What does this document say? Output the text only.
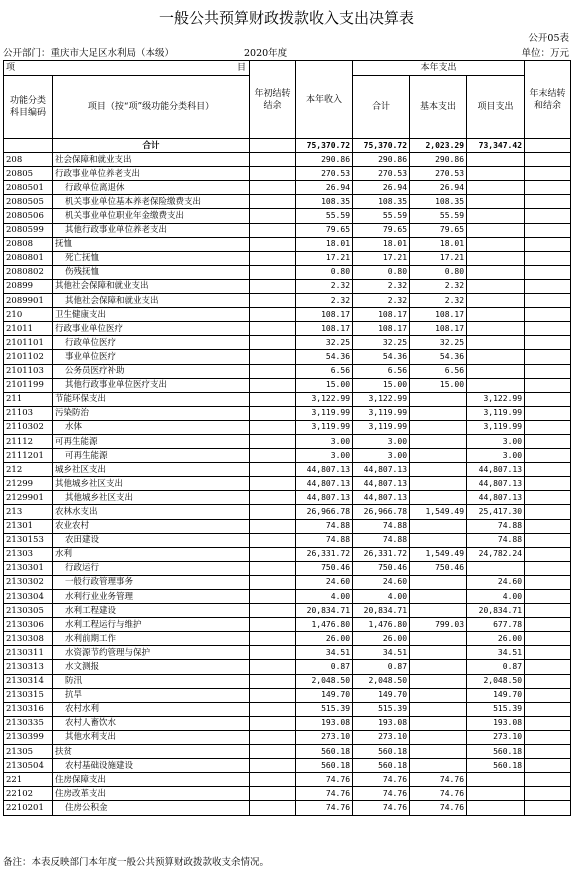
一般公共预算财政拨款收入支出决算表
公开05表
公开部门：重庆市大足区水利局（本级）	2020年度	单位：万元
项 目		年初结转结余	本年收入	本年支出			年末结转和结余
功能分类科目编码	项目（按“项”级功能分类科目）			合计	基本支出	项目支出	
	合计		75,370.72	75,370.72	2,023.29	73,347.42	
208	社会保障和就业支出		290.86	290.86	290.86		
20805	行政事业单位养老支出		270.53	270.53	270.53		
2080501	行政单位离退休		26.94	26.94	26.94		
2080505	机关事业单位基本养老保险缴费支出		108.35	108.35	108.35		
2080506	机关事业单位职业年金缴费支出		55.59	55.59	55.59		
2080599	其他行政事业单位养老支出		79.65	79.65	79.65		
20808	抚恤		18.01	18.01	18.01		
2080801	死亡抚恤		17.21	17.21	17.21		
2080802	伤残抚恤		0.80	0.80	0.80		
20899	其他社会保障和就业支出		2.32	2.32	2.32		
2089901	其他社会保障和就业支出		2.32	2.32	2.32		
210	卫生健康支出		108.17	108.17	108.17		
21011	行政事业单位医疗		108.17	108.17	108.17		
2101101	行政单位医疗		32.25	32.25	32.25		
2101102	事业单位医疗		54.36	54.36	54.36		
2101103	公务员医疗补助		6.56	6.56	6.56		
2101199	其他行政事业单位医疗支出		15.00	15.00	15.00		
211	节能环保支出		3,122.99	3,122.99		3,122.99	
21103	污染防治		3,119.99	3,119.99		3,119.99	
2110302	水体		3,119.99	3,119.99		3,119.99	
21112	可再生能源		3.00	3.00		3.00	
2111201	可再生能源		3.00	3.00		3.00	
212	城乡社区支出		44,807.13	44,807.13		44,807.13	
21299	其他城乡社区支出		44,807.13	44,807.13		44,807.13	
2129901	其他城乡社区支出		44,807.13	44,807.13		44,807.13	
213	农林水支出		26,966.78	26,966.78	1,549.49	25,417.30	
21301	农业农村		74.88	74.88		74.88	
2130153	农田建设		74.88	74.88		74.88	
21303	水利		26,331.72	26,331.72	1,549.49	24,782.24	
2130301	行政运行		750.46	750.46	750.46		
2130302	一般行政管理事务		24.60	24.60		24.60	
2130304	水利行业业务管理		4.00	4.00		4.00	
2130305	水利工程建设		20,834.71	20,834.71		20,834.71	
2130306	水利工程运行与维护		1,476.80	1,476.80	799.03	677.78	
2130308	水利前期工作		26.00	26.00		26.00	
2130311	水资源节约管理与保护		34.51	34.51		34.51	
2130313	水文测报		0.87	0.87		0.87	
2130314	防汛		2,048.50	2,048.50		2,048.50	
2130315	抗旱		149.70	149.70		149.70	
2130316	农村水利		515.39	515.39		515.39	
2130335	农村人畜饮水		193.08	193.08		193.08	
2130399	其他水利支出		273.10	273.10		273.10	
21305	扶贫		560.18	560.18		560.18	
2130504	农村基础设施建设		560.18	560.18		560.18	
221	住房保障支出		74.76	74.76	74.76		
22102	住房改革支出		74.76	74.76	74.76		
2210201	住房公积金		74.76	74.76	74.76		
备注：本表反映部门本年度一般公共预算财政拨款收支余情况。
